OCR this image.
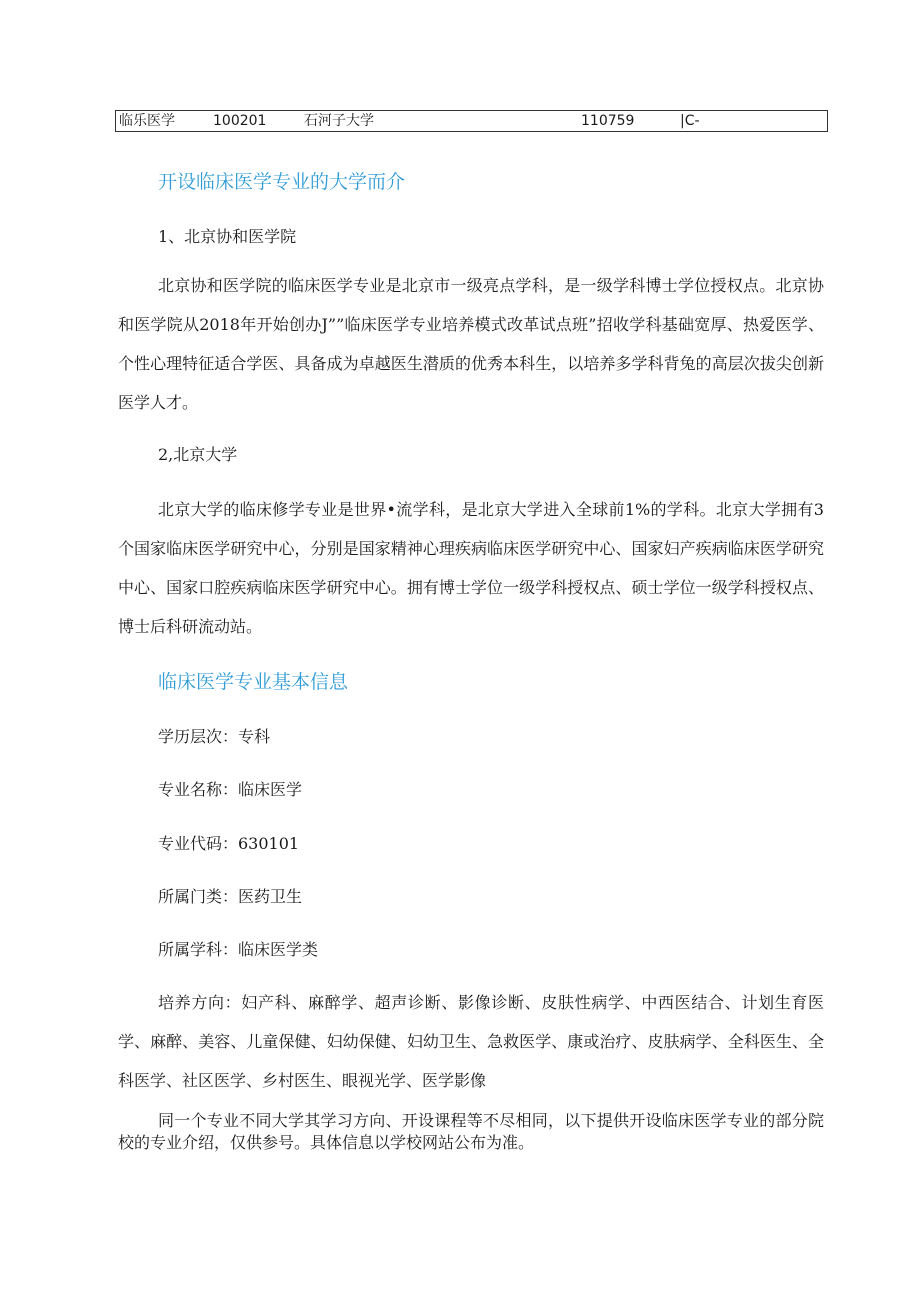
临乐医学	100201	石河子大学	110759	|C-
开设临床医学专业的大学而介
1、北京协和医学院

北京协和医学院的临床医学专业是北京市一级亮点学科，是一级学科博士学位授权点。北京协和医学院从2018年开始创办J””临床医学专业培养模式改革试点班”招收学科基础宽厚、热爱医学、个性心理特征适合学医、具备成为卓越医生潜质的优秀本科生，以培养多学科背兔的高层次拔尖创新医学人才。

2,北京大学

北京大学的临床修学专业是世界•流学科，是北京大学进入全球前1%的学科。北京大学拥有3个国家临床医学研究中心，分别是国家精神心理疾病临床医学研究中心、国家妇产疾病临床医学研究中心、国家口腔疾病临床医学研究中心。拥有博士学位一级学科授权点、硕士学位一级学科授权点、博士后科研流动站。

临床医学专业基本信息
学历层次：专科
专业名称：临床医学
专业代码：630101
所属门类：医药卫生
所属学科：临床医学类

培养方向：妇产科、麻醉学、超声诊断、影像诊断、皮肤性病学、中西医结合、计划生育医学、麻醉、美容、儿童保健、妇幼保健、妇幼卫生、急救医学、康或治疗、皮肤病学、全科医生、全科医学、社区医学、乡村医生、眼视光学、医学影像

同一个专业不同大学其学习方向、开设课程等不尽相同，以下提供开设临床医学专业的部分院校的专业介绍，仅供参号。具体信息以学校网站公布为准。
